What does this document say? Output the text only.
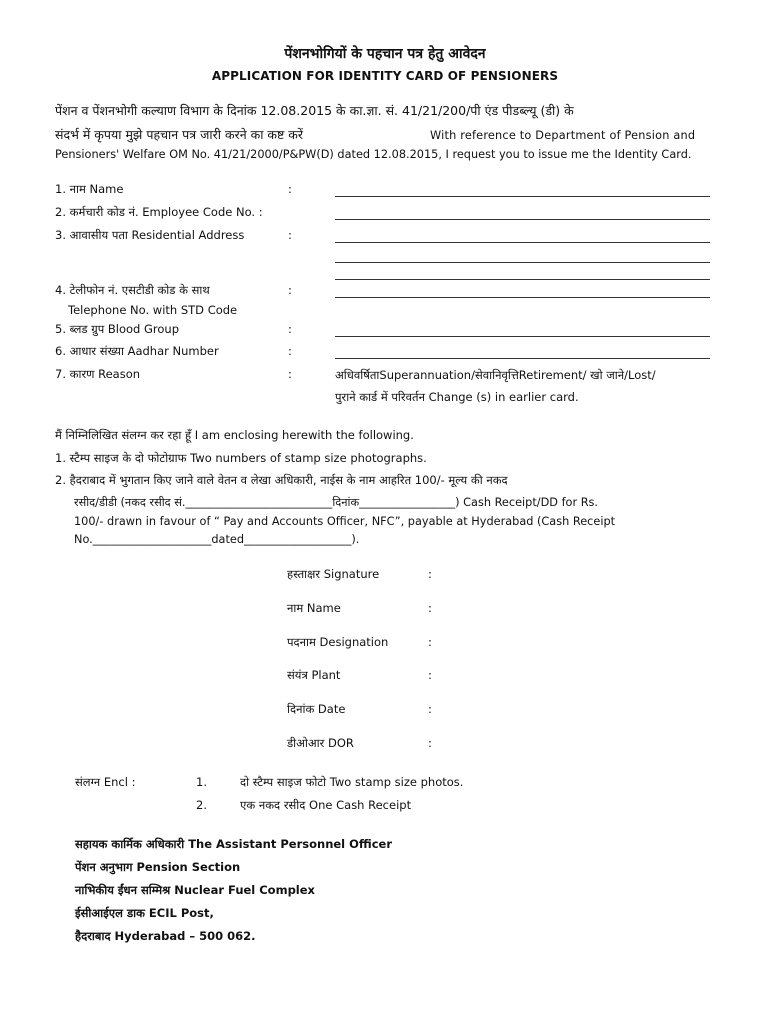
पेंशनभोगियों के पहचान पत्र हेतु आवेदन
APPLICATION FOR IDENTITY CARD OF PENSIONERS
पेंशन व पेंशनभोगी कल्याण विभाग के दिनांक 12.08.2015 के का.ज्ञा. सं. 41/21/200/पी एंड पीडब्ल्यू (डी) के
संदर्भ में कृपया मुझे पहचान पत्र जारी करने का कष्ट करें	With reference to Department of Pension and
Pensioners' Welfare OM No. 41/21/2000/P&PW(D) dated 12.08.2015, I request you to issue me the Identity Card.
1. नाम Name	:
2. कर्मचारी कोड नं. Employee Code No. :
3. आवासीय पता Residential Address	:
4. टेलीफोन नं. एसटीडी कोड के साथ	:
Telephone No. with STD Code
5. ब्लड ग्रुप Blood Group	:
6. आधार संख्या Aadhar Number	:
7. कारण Reason	:	अधिवर्षिताSuperannuation/सेवानिवृत्तिRetirement/ खो जाने/Lost/
पुराने कार्ड में परिवर्तन Change (s) in earlier card.
मैं निम्निलिखित संलग्न कर रहा हूँ I am enclosing herewith the following.
1. स्टैम्प साइज के दो फोटोग्राफ Two numbers of stamp size photographs.
2. हैदराबाद में भुगतान किए जाने वाले वेतन व लेखा अधिकारी, नाईस के नाम आहरित 100/- मूल्य की नकद
रसीद/डीडी (नकद रसीद सं.__________________________दिनांक_________________) Cash Receipt/DD for Rs.
100/- drawn in favour of “ Pay and Accounts Officer, NFC”, payable at Hyderabad (Cash Receipt
No._____________________dated___________________).
हस्ताक्षर Signature	:
नाम Name	:
पदनाम Designation	:
संयंत्र Plant	:
दिनांक Date	:
डीओआर DOR	:
संलग्न Encl :	1.	दो स्टैम्प साइज फोटो Two stamp size photos.
2.	एक नकद रसीद One Cash Receipt
सहायक कार्मिक अधिकारी The Assistant Personnel Officer
पेंशन अनुभाग Pension Section
नाभिकीय ईंधन सम्मिश्र Nuclear Fuel Complex
ईसीआईएल डाक ECIL Post,
हैदराबाद Hyderabad – 500 062.
